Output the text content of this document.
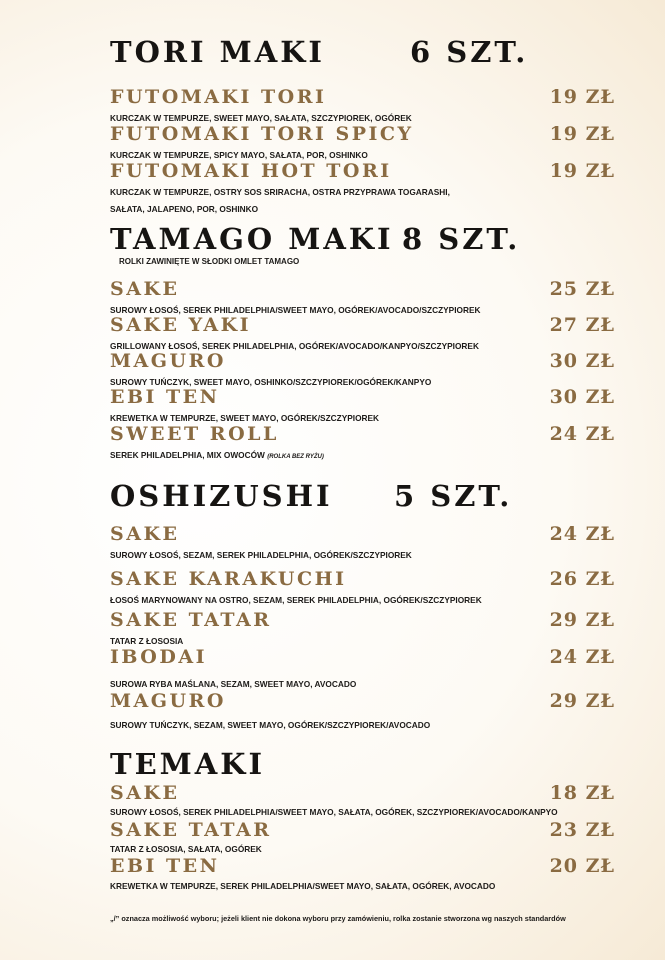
TORI MAKI	6 SZT.
FUTOMAKI TORI	19 ZŁ
KURCZAK W TEMPURZE, SWEET MAYO, SAŁATA, SZCZYPIOREK, OGÓREK
FUTOMAKI TORI SPICY	19 ZŁ
KURCZAK W TEMPURZE, SPICY MAYO, SAŁATA, POR, OSHINKO
FUTOMAKI HOT TORI	19 ZŁ
KURCZAK W TEMPURZE, OSTRY SOS SRIRACHA, OSTRA PRZYPRAWA TOGARASHI,
SAŁATA, JALAPENO, POR, OSHINKO
TAMAGO MAKI 8 SZT.
ROLKI ZAWINIĘTE W SŁODKI OMLET TAMAGO
SAKE	25 ZŁ
SUROWY ŁOSOŚ, SEREK PHILADELPHIA/SWEET MAYO, OGÓREK/AVOCADO/SZCZYPIOREK
SAKE YAKI	27 ZŁ
GRILLOWANY ŁOSOŚ, SEREK PHILADELPHIA, OGÓREK/AVOCADO/KANPYO/SZCZYPIOREK
MAGURO	30 ZŁ
SUROWY TUŃCZYK, SWEET MAYO, OSHINKO/SZCZYPIOREK/OGÓREK/KANPYO
EBI TEN	30 ZŁ
KREWETKA W TEMPURZE, SWEET MAYO, OGÓREK/SZCZYPIOREK
SWEET ROLL	24 ZŁ
SEREK PHILADELPHIA, MIX OWOCÓW (ROLKA BEZ RYŻU)
OSHIZUSHI 5 SZT.
SAKE	24 ZŁ
SUROWY ŁOSOŚ, SEZAM, SEREK PHILADELPHIA, OGÓREK/SZCZYPIOREK
SAKE KARAKUCHI	26 ZŁ
ŁOSOŚ MARYNOWANY NA OSTRO, SEZAM, SEREK PHILADELPHIA, OGÓREK/SZCZYPIOREK
SAKE TATAR	29 ZŁ
TATAR Z ŁOSOSIA
IBODAI	24 ZŁ
SUROWA RYBA MAŚLANA, SEZAM, SWEET MAYO, AVOCADO
MAGURO	29 ZŁ
SUROWY TUŃCZYK, SEZAM, SWEET MAYO, OGÓREK/SZCZYPIOREK/AVOCADO
TEMAKI
SAKE	18 ZŁ
SUROWY ŁOSOŚ, SEREK PHILADELPHIA/SWEET MAYO, SAŁATA, OGÓREK, SZCZYPIOREK/AVOCADO/KANPYO
SAKE TATAR	23 ZŁ
TATAR Z ŁOSOSIA, SAŁATA, OGÓREK
EBI TEN	20 ZŁ
KREWETKA W TEMPURZE, SEREK PHILADELPHIA/SWEET MAYO, SAŁATA, OGÓREK, AVOCADO
„/” oznacza możliwość wyboru; jeżeli klient nie dokona wyboru przy zamówieniu, rolka zostanie stworzona wg naszych standardów
